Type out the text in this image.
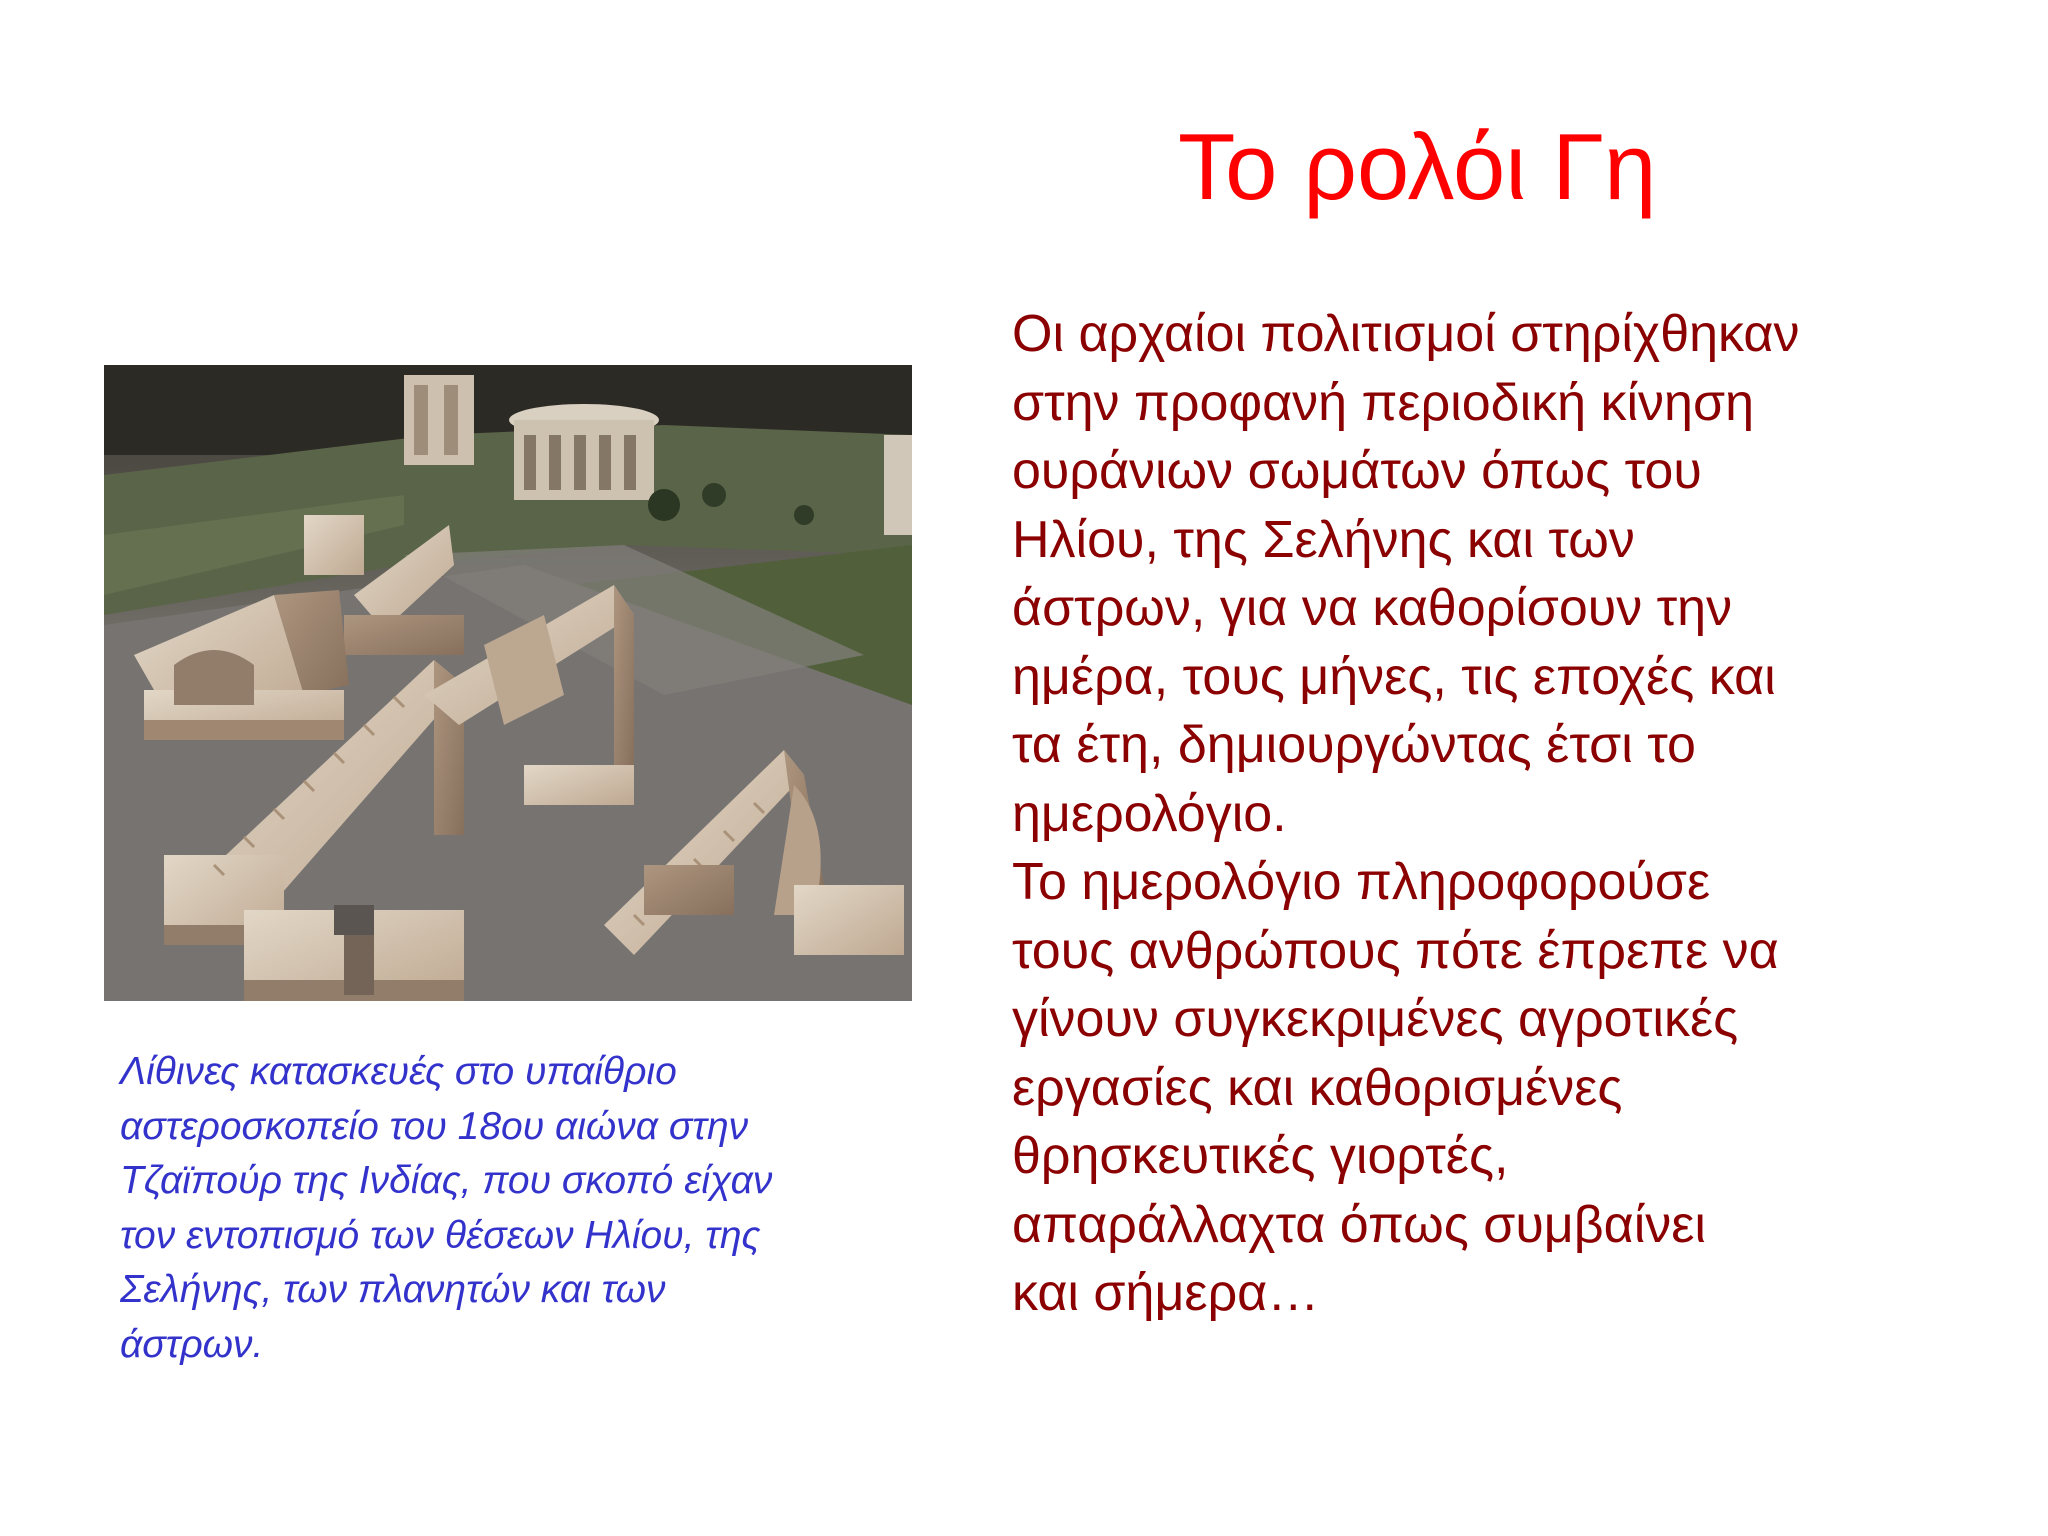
Το ρολόι Γη
Οι αρχαίοι πολιτισμοί στηρίχθηκαν
στην προφανή περιοδική κίνηση
ουράνιων σωμάτων όπως του
Ηλίου, της Σελήνης και των
άστρων, για να καθορίσουν την
ημέρα, τους μήνες, τις εποχές και
τα έτη, δημιουργώντας έτσι το
ημερολόγιο.
Το ημερολόγιο πληροφορούσε
τους ανθρώπους πότε έπρεπε να
γίνουν συγκεκριμένες αγροτικές
εργασίες και καθορισμένες
θρησκευτικές γιορτές,
απαράλλαχτα όπως συμβαίνει
και σήμερα…
Λίθινες κατασκευές στο υπαίθριο
αστεροσκοπείο του 18ου αιώνα στην
Τζαϊπούρ της Ινδίας, που σκοπό είχαν
τον εντοπισμό των θέσεων Ηλίου, της
Σελήνης, των πλανητών και των
άστρων.
